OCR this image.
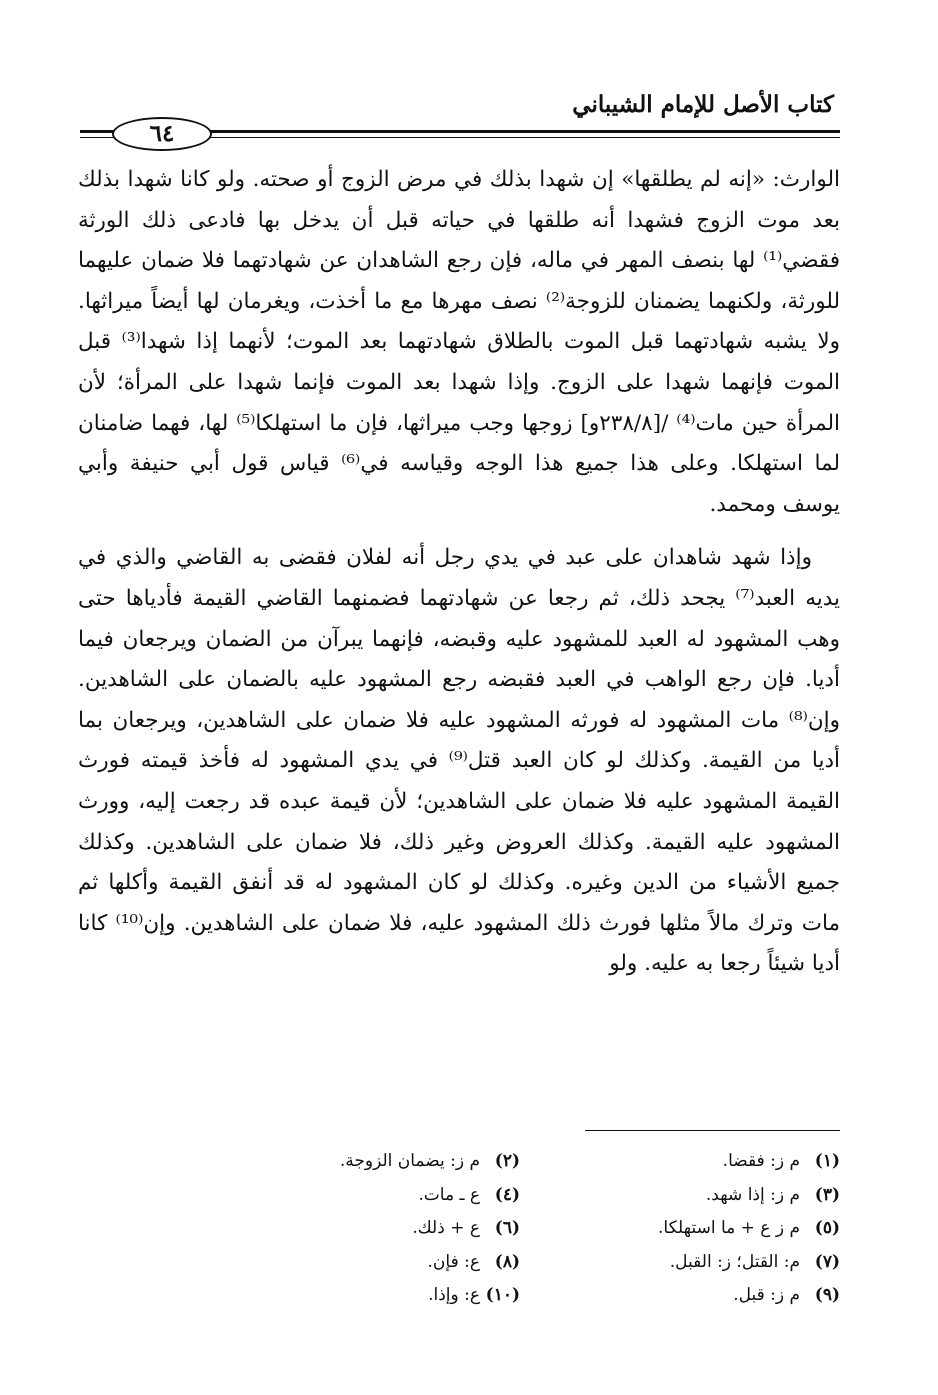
٦٤
كتاب الأصل للإمام الشيباني

الوارث: «إنه لم يطلقها» إن شهدا بذلك في مرض الزوج أو صحته. ولو كانا شهدا بذلك بعد موت الزوج فشهدا أنه طلقها في حياته قبل أن يدخل بها فادعى ذلك الورثة فقضي⁽¹⁾ لها بنصف المهر في ماله، فإن رجع الشاهدان عن شهادتهما فلا ضمان عليهما للورثة، ولكنهما يضمنان للزوجة⁽²⁾ نصف مهرها مع ما أخذت، ويغرمان لها أيضاً ميراثها. ولا يشبه شهادتهما قبل الموت بالطلاق شهادتهما بعد الموت؛ لأنهما إذا شهدا⁽³⁾ قبل الموت فإنهما شهدا على الزوج. وإذا شهدا بعد الموت فإنما شهدا على المرأة؛ لأن المرأة حين مات⁽⁴⁾ /[٢٣٨/٨و] زوجها وجب ميراثها، فإن ما استهلكا⁽⁵⁾ لها، فهما ضامنان لما استهلكا. وعلى هذا جميع هذا الوجه وقياسه في⁽⁶⁾ قياس قول أبي حنيفة وأبي يوسف ومحمد.

وإذا شهد شاهدان على عبد في يدي رجل أنه لفلان فقضى به القاضي والذي في يديه العبد⁽⁷⁾ يجحد ذلك، ثم رجعا عن شهادتهما فضمنهما القاضي القيمة فأدياها حتى وهب المشهود له العبد للمشهود عليه وقبضه، فإنهما يبرآن من الضمان ويرجعان فيما أديا. فإن رجع الواهب في العبد فقبضه رجع المشهود عليه بالضمان على الشاهدين. وإن⁽⁸⁾ مات المشهود له فورثه المشهود عليه فلا ضمان على الشاهدين، ويرجعان بما أديا من القيمة. وكذلك لو كان العبد قتل⁽⁹⁾ في يدي المشهود له فأخذ قيمته فورث القيمة المشهود عليه فلا ضمان على الشاهدين؛ لأن قيمة عبده قد رجعت إليه، وورث المشهود عليه القيمة. وكذلك العروض وغير ذلك، فلا ضمان على الشاهدين. وكذلك جميع الأشياء من الدين وغيره. وكذلك لو كان المشهود له قد أنفق القيمة وأكلها ثم مات وترك مالاً مثلها فورث ذلك المشهود عليه، فلا ضمان على الشاهدين. وإن⁽¹⁰⁾ كانا أديا شيئاً رجعا به عليه. ولو

(١)م ز: فقضا.
(٢)م ز: يضمان الزوجة.
(٣)م ز: إذا شهد.
(٤)ع ـ مات.
(٥)م ز ع + ما استهلكا.
(٦)ع + ذلك.
(٧)م: القتل؛ ز: القبل.
(٨)ع: فإن.
(٩)م ز: قبل.
(١٠)ع: وإذا.
